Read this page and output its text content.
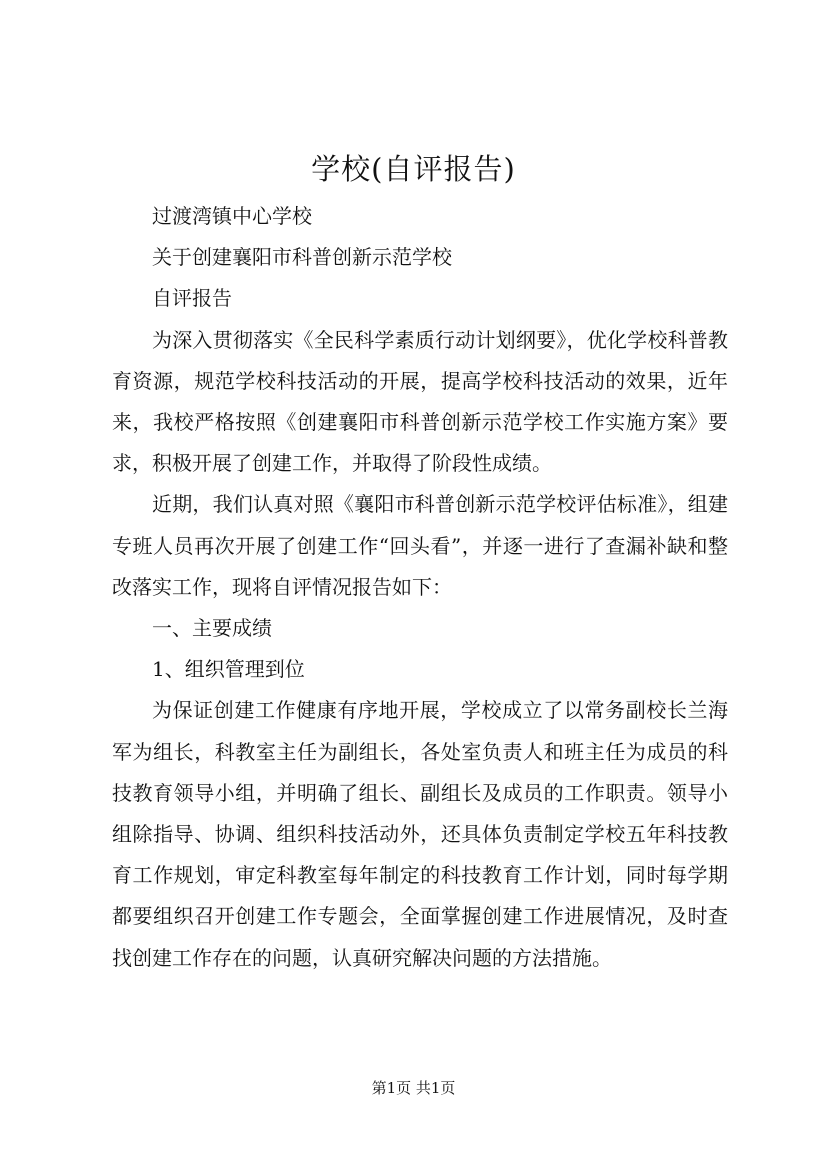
学校(自评报告)

过渡湾镇中心学校

关于创建襄阳市科普创新示范学校

自评报告

为深入贯彻落实《全民科学素质行动计划纲要》，优化学校科普教育资源，规范学校科技活动的开展，提高学校科技活动的效果，近年来，我校严格按照《创建襄阳市科普创新示范学校工作实施方案》要求，积极开展了创建工作，并取得了阶段性成绩。

近期，我们认真对照《襄阳市科普创新示范学校评估标准》，组建专班人员再次开展了创建工作“回头看”，并逐一进行了查漏补缺和整改落实工作，现将自评情况报告如下：

一、主要成绩

1、组织管理到位

为保证创建工作健康有序地开展，学校成立了以常务副校长兰海军为组长，科教室主任为副组长，各处室负责人和班主任为成员的科技教育领导小组，并明确了组长、副组长及成员的工作职责。领导小组除指导、协调、组织科技活动外，还具体负责制定学校五年科技教育工作规划，审定科教室每年制定的科技教育工作计划，同时每学期都要组织召开创建工作专题会，全面掌握创建工作进展情况，及时查找创建工作存在的问题，认真研究解决问题的方法措施。

第1页 共1页
